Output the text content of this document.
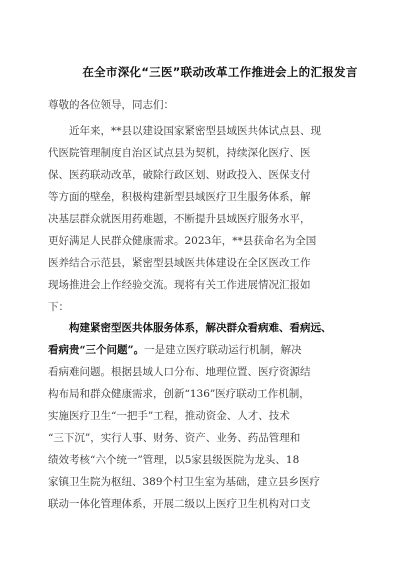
在全市深化“三医”联动改革工作推进会上的汇报发言
尊敬的各位领导，同志们：
　　近年来，**县以建设国家紧密型县域医共体试点县、现
代医院管理制度自治区试点县为契机，持续深化医疗、医
保、医药联动改革，破除行政区划、财政投入、医保支付
等方面的壁垒，积极构建新型县域医疗卫生服务体系，解
决基层群众就医用药难题，不断提升县域医疗服务水平，
更好满足人民群众健康需求。2023年，**县获命名为全国
医养结合示范县，紧密型县域医共体建设在全区医改工作
现场推进会上作经验交流。现将有关工作进展情况汇报如
下：
　　构建紧密型医共体服务体系，解决群众看病难、看病远、
看病贵“三个问题”。一是建立医疗联动运行机制，解决
看病难问题。根据县域人口分布、地理位置、医疗资源结
构布局和群众健康需求，创新“136”医疗联动工作机制，
实施医疗卫生“一把手”工程，推动资金、人才、技术
“三下沉”，实行人事、财务、资产、业务、药品管理和
绩效考核“六个统一”管理，以5家县级医院为龙头、18
家镇卫生院为枢纽、389个村卫生室为基础，建立县乡医疗
联动一体化管理体系，开展二级以上医疗卫生机构对口支
